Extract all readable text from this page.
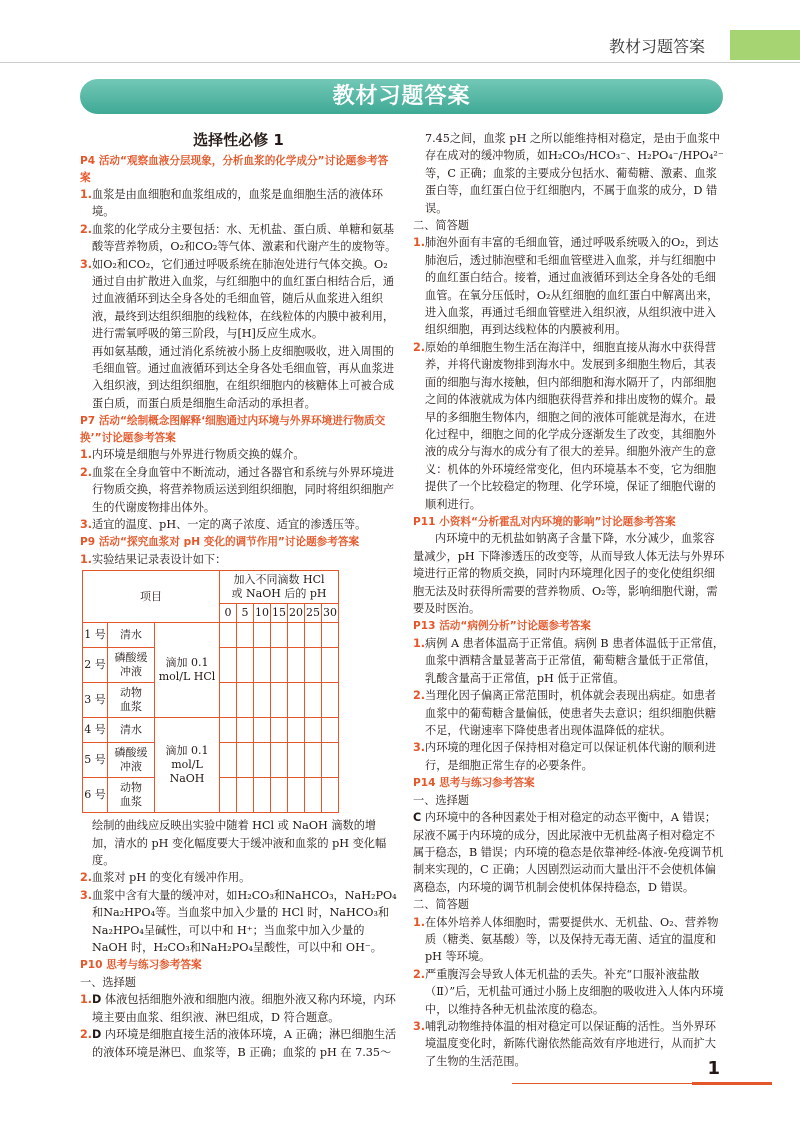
教材习题答案
教材习题答案
选择性必修 1
P4 活动“观察血液分层现象，分析血浆的化学成分”讨论题参考答案

1.血浆是由血细胞和血浆组成的，血浆是血细胞生活的液体环境。

2.血浆的化学成分主要包括：水、无机盐、蛋白质、单糖和氨基酸等营养物质，O₂和CO₂等气体、激素和代谢产生的废物等。

3.如O₂和CO₂，它们通过呼吸系统在肺泡处进行气体交换。O₂通过自由扩散进入血浆，与红细胞中的血红蛋白相结合后，通过血液循环到达全身各处的毛细血管，随后从血浆进入组织液，最终到达组织细胞的线粒体，在线粒体的内膜中被利用，进行需氧呼吸的第三阶段，与[H]反应生成水。

再如氨基酸，通过消化系统被小肠上皮细胞吸收，进入周围的毛细血管。通过血液循环到达全身各处毛细血管，再从血浆进入组织液，到达组织细胞，在组织细胞内的核糖体上可被合成蛋白质，而蛋白质是细胞生命活动的承担者。

P7 活动“绘制概念图解释‘细胞通过内环境与外界环境进行物质交换’”讨论题参考答案

1.内环境是细胞与外界进行物质交换的媒介。

2.血浆在全身血管中不断流动，通过各器官和系统与外界环境进行物质交换，将营养物质运送到组织细胞，同时将组织细胞产生的代谢废物排出体外。

3.适宜的温度、pH、一定的离子浓度、适宜的渗透压等。

P9 活动“探究血浆对 pH 变化的调节作用”讨论题参考答案

1.实验结果记录表设计如下：

项目			加入不同滴数 HCl 或 NaOH 后的 pH						
			0	5	10	15	20	25	30
1 号	清水	滴加 0.1 mol/L HCl							
2 号	磷酸缓冲液								
3 号	动物血浆								
4 号	清水	滴加 0.1 mol/L NaOH							
5 号	磷酸缓冲液								
6 号	动物血浆								

绘制的曲线应反映出实验中随着 HCl 或 NaOH 滴数的增加，清水的 pH 变化幅度要大于缓冲液和血浆的 pH 变化幅度。

2.血浆对 pH 的变化有缓冲作用。

3.血浆中含有大量的缓冲对，如H₂CO₃和NaHCO₃，NaH₂PO₄和Na₂HPO₄等。当血浆中加入少量的 HCl 时，NaHCO₃和Na₂HPO₄呈碱性，可以中和 H⁺；当血浆中加入少量的 NaOH 时，H₂CO₃和NaH₂PO₄呈酸性，可以中和 OH⁻。

P10 思考与练习参考答案

一、选择题

1.D 体液包括细胞外液和细胞内液。细胞外液又称内环境，内环境主要由血浆、组织液、淋巴组成，D 符合题意。

2.D 内环境是细胞直接生活的液体环境，A 正确；淋巴细胞生活的液体环境是淋巴、血浆等，B 正确；血浆的 pH 在 7.35～

7.45之间，血浆 pH 之所以能维持相对稳定，是由于血浆中存在成对的缓冲物质，如H₂CO₃/HCO₃⁻、H₂PO₄⁻/HPO₄²⁻等，C 正确；血浆的主要成分包括水、葡萄糖、激素、血浆蛋白等，血红蛋白位于红细胞内，不属于血浆的成分，D 错误。

二、简答题

1.肺泡外面有丰富的毛细血管，通过呼吸系统吸入的O₂，到达肺泡后，透过肺泡壁和毛细血管壁进入血浆，并与红细胞中的血红蛋白结合。接着，通过血液循环到达全身各处的毛细血管。在氧分压低时，O₂从红细胞的血红蛋白中解离出来，进入血浆，再通过毛细血管壁进入组织液，从组织液中进入组织细胞，再到达线粒体的内膜被利用。

2.原始的单细胞生物生活在海洋中，细胞直接从海水中获得营养，并将代谢废物排到海水中。发展到多细胞生物后，其表面的细胞与海水接触，但内部细胞和海水隔开了，内部细胞之间的体液就成为体内细胞获得营养和排出废物的媒介。最早的多细胞生物体内，细胞之间的液体可能就是海水，在进化过程中，细胞之间的化学成分逐渐发生了改变，其细胞外液的成分与海水的成分有了很大的差异。细胞外液产生的意义：机体的外环境经常变化，但内环境基本不变，它为细胞提供了一个比较稳定的物理、化学环境，保证了细胞代谢的顺利进行。

P11 小资料“分析霍乱对内环境的影响”讨论题参考答案

内环境中的无机盐如钠离子含量下降，水分减少，血浆容量减少，pH 下降渗透压的改变等，从而导致人体无法与外界环境进行正常的物质交换，同时内环境理化因子的变化使组织细胞无法及时获得所需要的营养物质、O₂等，影响细胞代谢，需要及时医治。

P13 活动“病例分析”讨论题参考答案

1.病例 A 患者体温高于正常值。病例 B 患者体温低于正常值，血浆中酒精含量显著高于正常值，葡萄糖含量低于正常值，乳酸含量高于正常值，pH 低于正常值。

2.当理化因子偏离正常范围时，机体就会表现出病症。如患者血浆中的葡萄糖含量偏低，使患者失去意识；组织细胞供糖不足，代谢速率下降使患者出现体温降低的症状。

3.内环境的理化因子保持相对稳定可以保证机体代谢的顺利进行，是细胞正常生存的必要条件。

P14 思考与练习参考答案

一、选择题

C 内环境中的各种因素处于相对稳定的动态平衡中，A 错误；尿液不属于内环境的成分，因此尿液中无机盐离子相对稳定不属于稳态，B 错误；内环境的稳态是依靠神经-体液-免疫调节机制来实现的，C 正确；人因剧烈运动而大量出汗不会使机体偏离稳态，内环境的调节机制会使机体保持稳态，D 错误。

二、简答题

1.在体外培养人体细胞时，需要提供水、无机盐、O₂、营养物质（糖类、氨基酸）等，以及保持无毒无菌、适宜的温度和 pH 等环境。

2.严重腹泻会导致人体无机盐的丢失。补充“口服补液盐散（Ⅱ）”后，无机盐可通过小肠上皮细胞的吸收进入人体内环境中，以维持各种无机盐浓度的稳态。

3.哺乳动物维持体温的相对稳定可以保证酶的活性。当外界环境温度变化时，新陈代谢依然能高效有序地进行，从而扩大了生物的生活范围。	1
